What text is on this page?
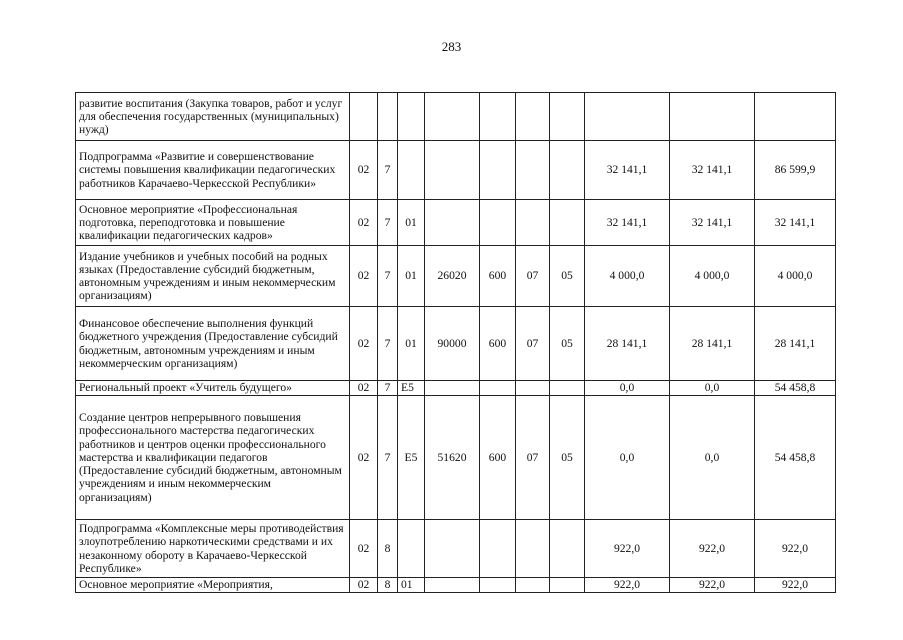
283
развитие воспитания (Закупка товаров, работ и услуг для обеспечения государственных (муниципальных) нужд)										
Подпрограмма «Развитие и совершенствование системы повышения квалификации педагогических работников Карачаево-Черкесской Республики»	02	7						32 141,1	32 141,1	86 599,9
Основное мероприятие «Профессиональная подготовка, переподготовка и повышение квалификации педагогических кадров»	02	7	01					32 141,1	32 141,1	32 141,1
Издание учебников и учебных пособий на родных языках (Предоставление субсидий бюджетным, автономным учреждениям и иным некоммерческим организациям)	02	7	01	26020	600	07	05	4 000,0	4 000,0	4 000,0
Финансовое обеспечение выполнения функций бюджетного учреждения (Предоставление субсидий бюджетным, автономным учреждениям и иным некоммерческим организациям)	02	7	01	90000	600	07	05	28 141,1	28 141,1	28 141,1
Региональный проект «Учитель будущего»	02	7	E5					0,0	0,0	54 458,8
Создание центров непрерывного повышения профессионального мастерства педагогических работников и центров оценки профессионального мастерства и квалификации педагогов (Предоставление субсидий бюджетным, автономным учреждениям и иным некоммерческим организациям)	02	7	E5	51620	600	07	05	0,0	0,0	54 458,8
Подпрограмма «Комплексные меры противодействия злоупотреблению наркотическими средствами и их незаконному обороту в Карачаево-Черкесской Республике»	02	8						922,0	922,0	922,0
Основное мероприятие «Мероприятия,	02	8	01					922,0	922,0	922,0
